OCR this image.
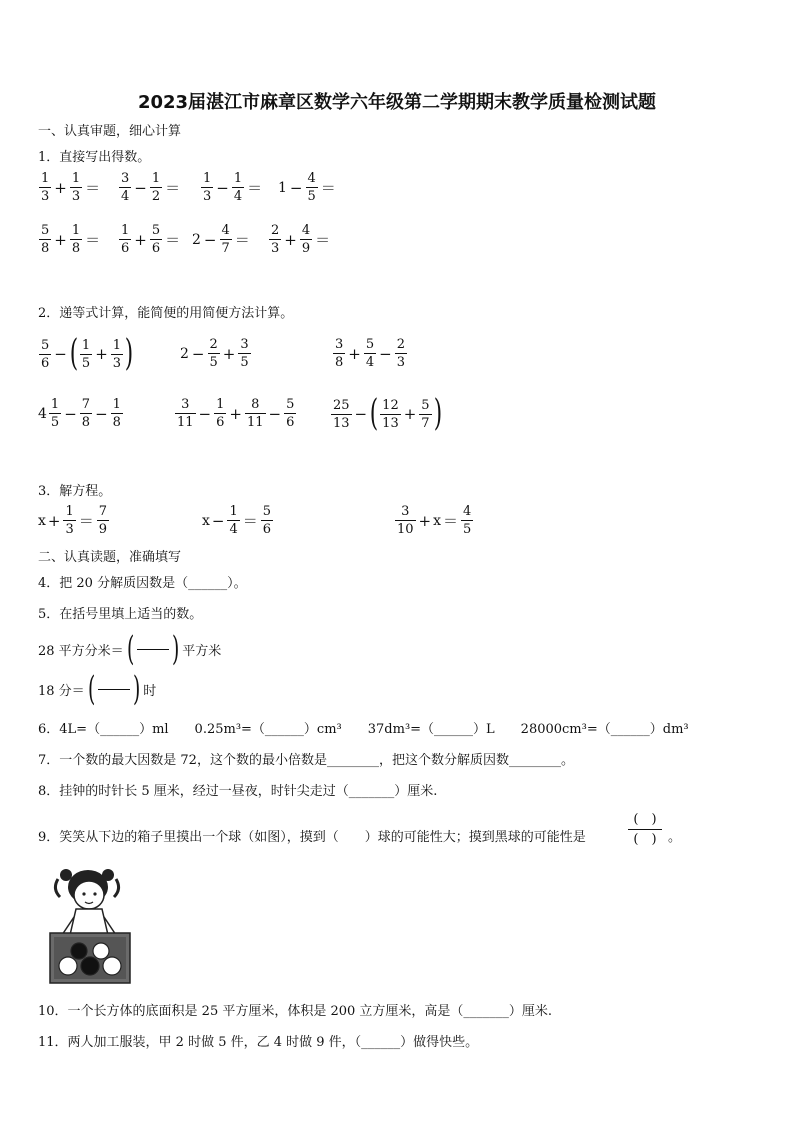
2023届湛江市麻章区数学六年级第二学期期末教学质量检测试题
一、认真审题，细心计算
1．直接写出得数。
$\frac{1}{3} + \frac{1}{3} = \frac{3}{4} - \frac{1}{2} = \frac{1}{3} - \frac{1}{4} = 1 - \frac{4}{5}$ ＝
$\frac{5}{8} + \frac{1}{8} = \frac{1}{6} + \frac{5}{6} = 2 - \frac{4}{7} = \frac{2}{3} + \frac{4}{9}$ ＝
2．递等式计算，能简便的用简便方法计算。
$\frac{5}{6}$ − ( $\frac{1}{5} + \frac{1}{3}$ )	$2 - \frac{2}{5} + \frac{3}{5}$	$\frac{3}{8} + \frac{5}{4} - \frac{2}{3}$
$4 \frac{1}{5} - \frac{7}{8} - \frac{1}{8}$	$\frac{3}{11} - \frac{1}{6} + \frac{8}{11} - \frac{5}{6}$	$\frac{25}{13}$ − ( $\frac{12}{13} + \frac{5}{7}$ )
3．解方程。
$x + \frac{1}{3} = \frac{7}{9}$	$x - \frac{1}{4} = \frac{5}{6}$	$\frac{3}{10} + x = \frac{4}{5}$
二、认真读题，准确填写
4．把 20 分解质因数是（______）。
5．在括号里填上适当的数。
28 平方分米＝ ( ) 平方米
18 分＝ ( ) 时
6．4L=（______）ml　　0.25m³=（______）cm³　　37dm³=（______）L　　28000cm³=（______）dm³
7．一个数的最大因数是 72，这个数的最小倍数是________，把这个数分解质因数________。
8．挂钟的时针长 5 厘米，经过一昼夜，时针尖走过（_______）厘米.
9．笑笑从下边的箱子里摸出一个球（如图），摸到（　　）球的可能性大；摸到黑球的可能性是
(　)
(　) 。
10．一个长方体的底面积是 25 平方厘米，体积是 200 立方厘米，高是（_______）厘米.
11．两人加工服装，甲 2 时做 5 件，乙 4 时做 9 件，（______）做得快些。
